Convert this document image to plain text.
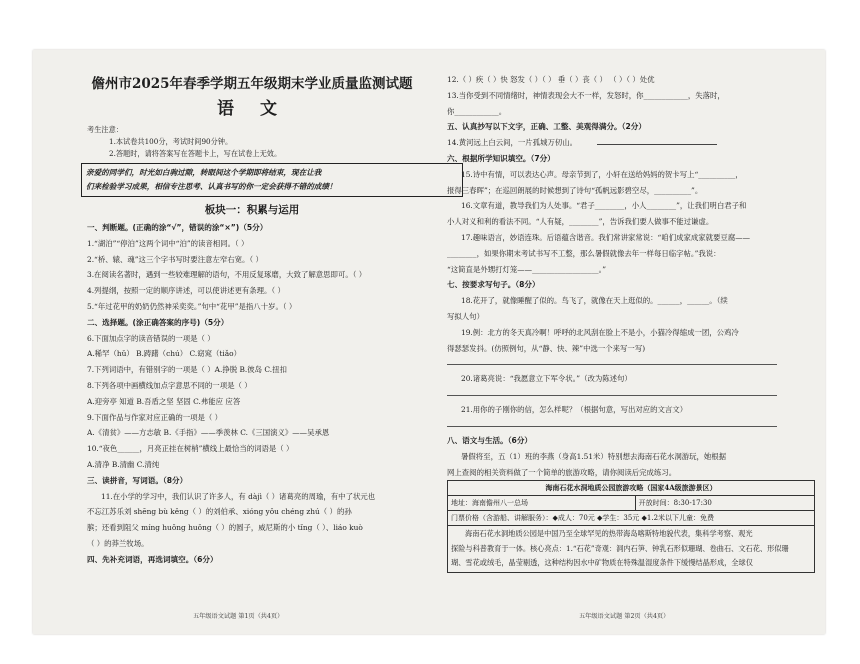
儋州市2025年春季学期五年级期末学业质量监测试题
语 文
考生注意：
1.本试卷共100分，考试时间90分钟。
2.答题时，请将答案写在答题卡上，写在试卷上无效。
亲爱的同学们，时光如白驹过隙，转眼间这个学期即将结束，现在让我
们来检验学习成果，相信专注思考、认真书写的你一定会获得不错的成绩！
板块一：积累与运用
一、判断题。(正确的涂“√”，错误的涂“×”)（5分）
1.“湖泊”“停泊”这两个词中“泊”的读音相同。（ ）
2.“桥、辕、魂”这三个字书写时要注意左窄右宽。（ ）
3.在阅读名著时，遇到一些较难理解的语句，不用反复琢磨，大致了解意思即可。（ ）
4.列提纲，按照一定的顺序讲述，可以使讲述更有条理。（ ）
5.“年过花甲的奶奶仍然神采奕奕。”句中“花甲”是指八十岁。（ ）
二、选择题。(涂正确答案的序号)（5分）
6.下面加点字的读音错误的一项是（ ）
A.稀罕（hǔ） B.踌躇（chú） C.窈窕（tiǎo）
7.下列词语中，有错别字的一项是（ ）A.挣脱 B.彼岛 C.扭扣
8.下列各项中画横线加点字意思不同的一项是（ ）
A.迎旁亭 知道 B.吾盾之坚 坚固 C.弗能应 应答
9.下面作品与作家对应正确的一项是（ ）
A.《清贫》——方志敏 B.《手指》——季羡林 C.《三国演义》——吴承恩
10.“夜色______，月亮正挂在树梢”横线上最恰当的词语是（ ）
A.清净 B.清幽 C.清纯
三、读拼音，写词语。（8分）
11.在小学的学习中，我们认识了许多人，有 dàjì（ ）诸葛亮的周瑜，有中了状元也
不忘江苏乐刘 shēng bù kěng（ ）的刘伯承、xióng yǒu chéng zhú（ ）的孙
膑；还看到阻父 míng huǒng huǒng（ ）的圆子，威尼斯的小 tǐng（ ）、liáo kuò
（ ）的莽兰牧场。
四、先补充词语，再选词填空。（6分）
五年级语文试题 第1页（共4页）
12.（ ）疾（ ）快 怒发（ ）（ ） 垂（ ）丧（ ） （ ）（ ）处优
13.当你受到不同情绪时，神情表现会大不一样，发怒时，你____________，失落时，
你____________。
五、认真抄写以下文字，正确、工整、美观得满分。（2分）
14.黄河远上白云间，一片孤城万仞山。
六、根据所学知识填空。（7分）
15.诗中有情，可以表达心声。母亲节到了，小轩在送给妈妈的贺卡写上“__________，
报得三春晖”；在巡回朗展的时候想到了诗句“孤帆远影碧空尽，__________”。
16.文章有道，教导我们为人处事。“君子________，小人________”，让我们明白君子和
小人对义和利的看法不同。“人有疑，________”，告诉我们要人做事不能过谦虚。
17.趣味语言，妙语连珠。后语蕴含谐音。我们常讲家常说：“咱们成家成家就要豆腐——
________，如果你期末考试书写不工整，那么暑假就像去年一样每日临字帖。”我说：
“这简直是外甥打灯笼——__________________。”
七、按要求写句子。（8分）
18.花开了，就像睡醒了似的。鸟飞了，就像在天上逛似的。______，______。（续
写拟人句）
19.例：北方的冬天真冷啊！呼呼的北风刮在脸上不是小，小猫冷得缩成一团，公鸡冷
得瑟瑟发抖。(仿照例句，从“静、快、辣”中选一个来写一写)
20.诸葛亮说：“我愿意立下军令状。”（改为陈述句）
21.用你的子刚你的信，怎么样呢？（根据句意，写出对应的文言文）
八、语文与生活。（6分）
暑假将至，五（1）班的李燕（身高1.51米）特别想去海南石花水洞游玩，她根据
网上查阅的相关资料做了一个简单的旅游攻略，请你阅读后完成练习。
海南石花水洞地质公园旅游攻略（国家4A级旅游景区）
地址：海南儋州八一总场	开放时间：8:30-17:30
门票价格（含游船、讲解服务）：◆成人：70元 ◆学生：35元 ◆1.2米以下儿童：免费

海南石花水洞地质公园是中国乃至全球罕见的热带海岛喀斯特地貌代表，集科学考察、观光
探险与科普教育于一体。核心亮点：1.“石花”奇观：洞内石笋、钟乳石形似珊瑚、卷曲石、文石花、形似珊
瑚、雪花或绒毛，晶莹剔透，这种结构因水中矿物质在特殊温湿度条件下缓慢结晶形成，全球仅
五年级语文试题 第2页（共4页）
